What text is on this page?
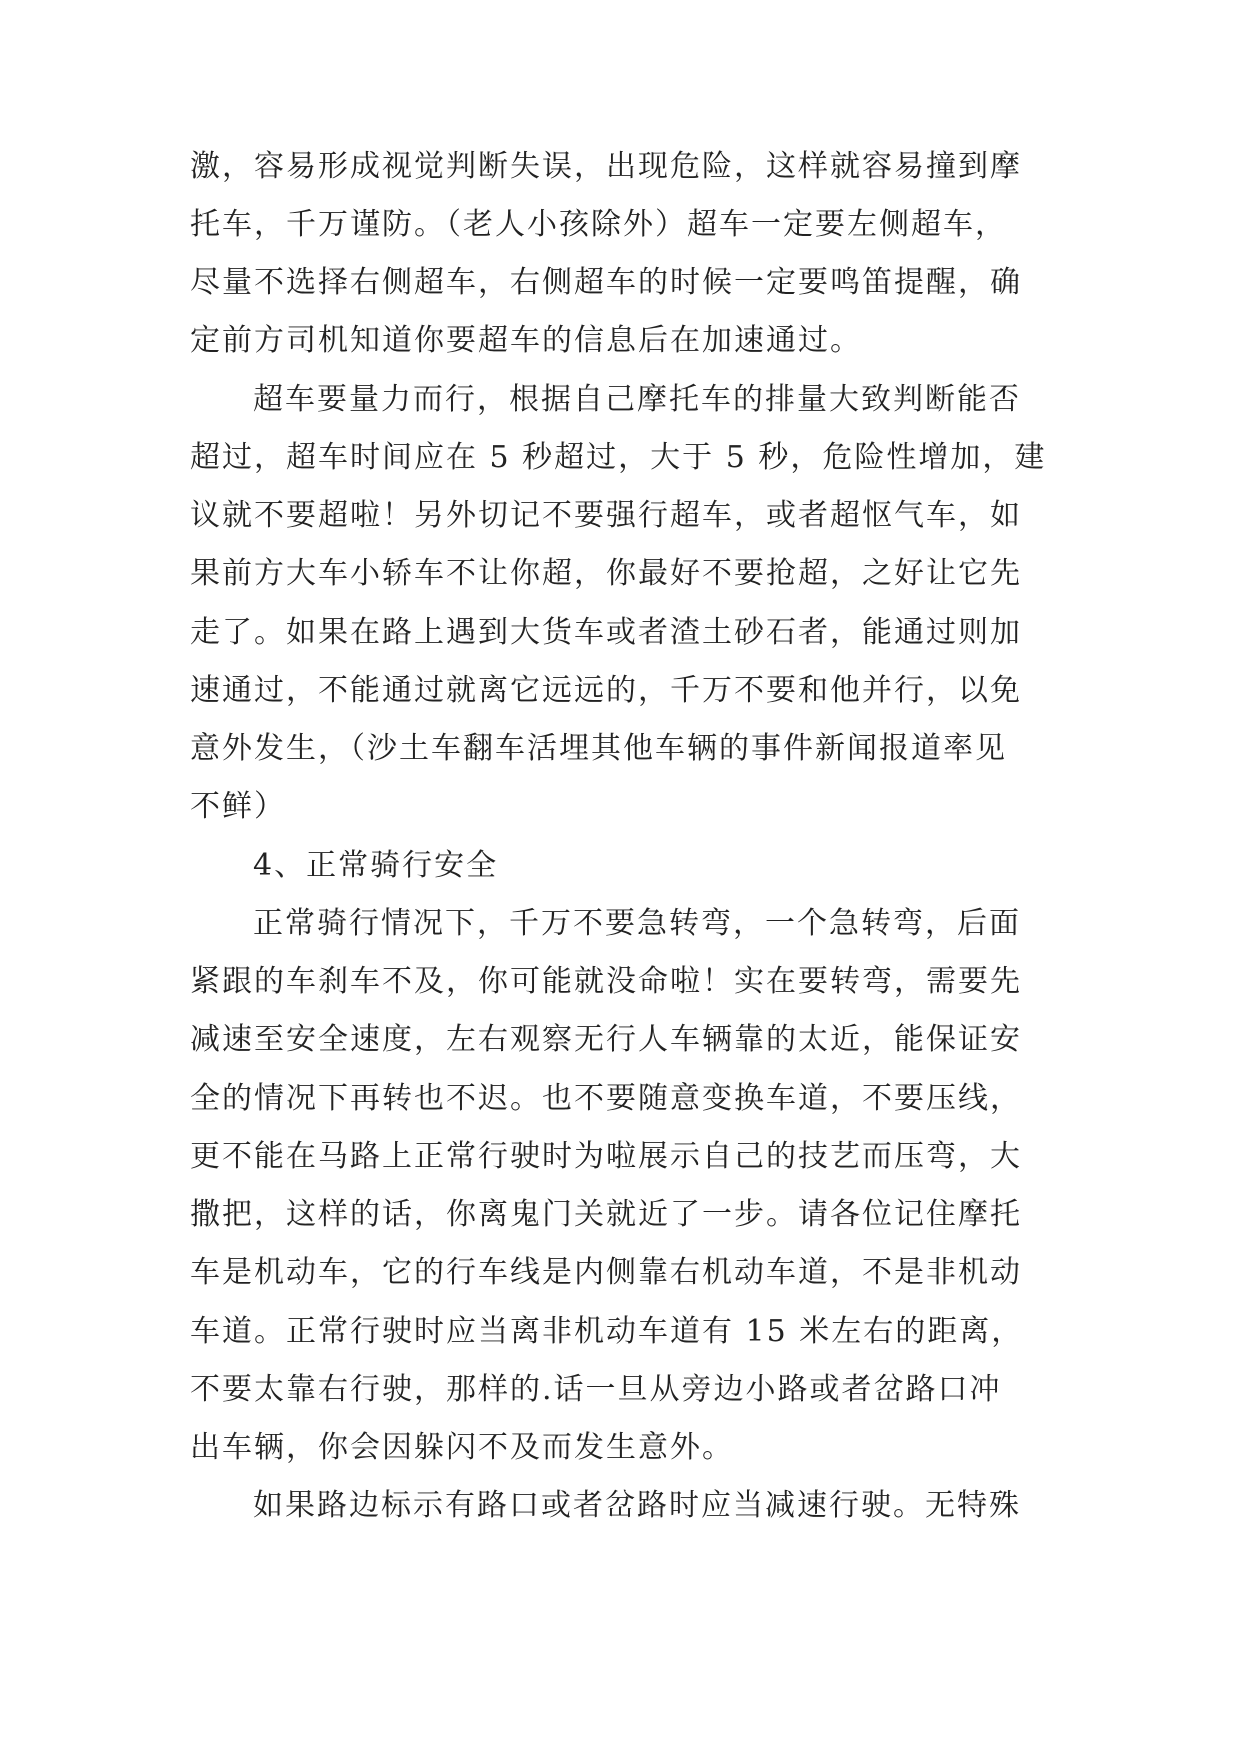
激，容易形成视觉判断失误，出现危险，这样就容易撞到摩
托车，千万谨防。（老人小孩除外）超车一定要左侧超车，
尽量不选择右侧超车，右侧超车的时候一定要鸣笛提醒，确
定前方司机知道你要超车的信息后在加速通过。
超车要量力而行，根据自己摩托车的排量大致判断能否
超过，超车时间应在 5 秒超过，大于 5 秒，危险性增加，建
议就不要超啦！另外切记不要强行超车，或者超怄气车，如
果前方大车小轿车不让你超，你最好不要抢超，之好让它先
走了。如果在路上遇到大货车或者渣土砂石者，能通过则加
速通过，不能通过就离它远远的，千万不要和他并行，以免
意外发生，（沙土车翻车活埋其他车辆的事件新闻报道率见
不鲜）
4、正常骑行安全
正常骑行情况下，千万不要急转弯，一个急转弯，后面
紧跟的车刹车不及，你可能就没命啦！实在要转弯，需要先
减速至安全速度，左右观察无行人车辆靠的太近，能保证安
全的情况下再转也不迟。也不要随意变换车道，不要压线，
更不能在马路上正常行驶时为啦展示自己的技艺而压弯，大
撒把，这样的话，你离鬼门关就近了一步。请各位记住摩托
车是机动车，它的行车线是内侧靠右机动车道，不是非机动
车道。正常行驶时应当离非机动车道有 15 米左右的距离，
不要太靠右行驶，那样的.话一旦从旁边小路或者岔路口冲
出车辆，你会因躲闪不及而发生意外。
如果路边标示有路口或者岔路时应当减速行驶。无特殊
